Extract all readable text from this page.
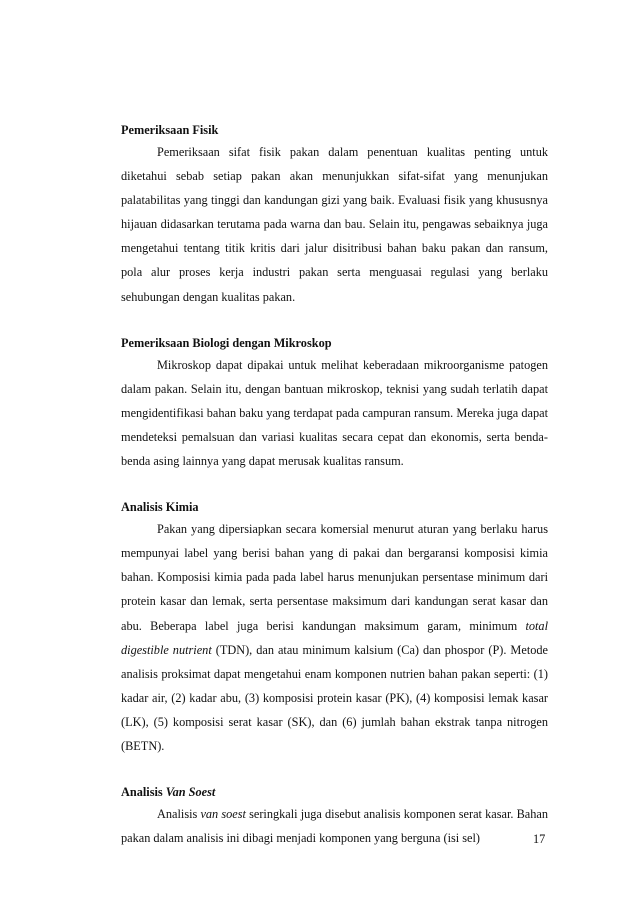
Pemeriksaan Fisik

Pemeriksaan sifat fisik pakan dalam penentuan kualitas penting untuk diketahui sebab setiap pakan akan menunjukkan sifat-sifat yang menunjukan palatabilitas yang tinggi dan kandungan gizi yang baik. Evaluasi fisik yang khususnya hijauan didasarkan terutama pada warna dan bau. Selain itu, pengawas sebaiknya juga mengetahui tentang titik kritis dari jalur disitribusi bahan baku pakan dan ransum, pola alur proses kerja industri pakan serta menguasai regulasi yang berlaku sehubungan dengan kualitas pakan.

Pemeriksaan Biologi dengan Mikroskop

Mikroskop dapat dipakai untuk melihat keberadaan mikroorganisme patogen dalam pakan. Selain itu, dengan bantuan mikroskop, teknisi yang sudah terlatih dapat mengidentifikasi bahan baku yang terdapat pada campuran ransum. Mereka juga dapat mendeteksi pemalsuan dan variasi kualitas secara cepat dan ekonomis, serta benda-benda asing lainnya yang dapat merusak kualitas ransum.

Analisis Kimia

Pakan yang dipersiapkan secara komersial menurut aturan yang berlaku harus mempunyai label yang berisi bahan yang di pakai dan bergaransi komposisi kimia bahan. Komposisi kimia pada pada label harus menunjukan persentase minimum dari protein kasar dan lemak, serta persentase maksimum dari kandungan serat kasar dan abu. Beberapa label juga berisi kandungan maksimum garam, minimum total digestible nutrient (TDN), dan atau minimum kalsium (Ca) dan phospor (P). Metode analisis proksimat dapat mengetahui enam komponen nutrien bahan pakan seperti: (1) kadar air, (2) kadar abu, (3) komposisi protein kasar (PK), (4) komposisi lemak kasar (LK), (5) komposisi serat kasar (SK), dan (6) jumlah bahan ekstrak tanpa nitrogen (BETN).

Analisis Van Soest

Analisis van soest seringkali juga disebut analisis komponen serat kasar. Bahan pakan dalam analisis ini dibagi menjadi komponen yang berguna (isi sel)	17
